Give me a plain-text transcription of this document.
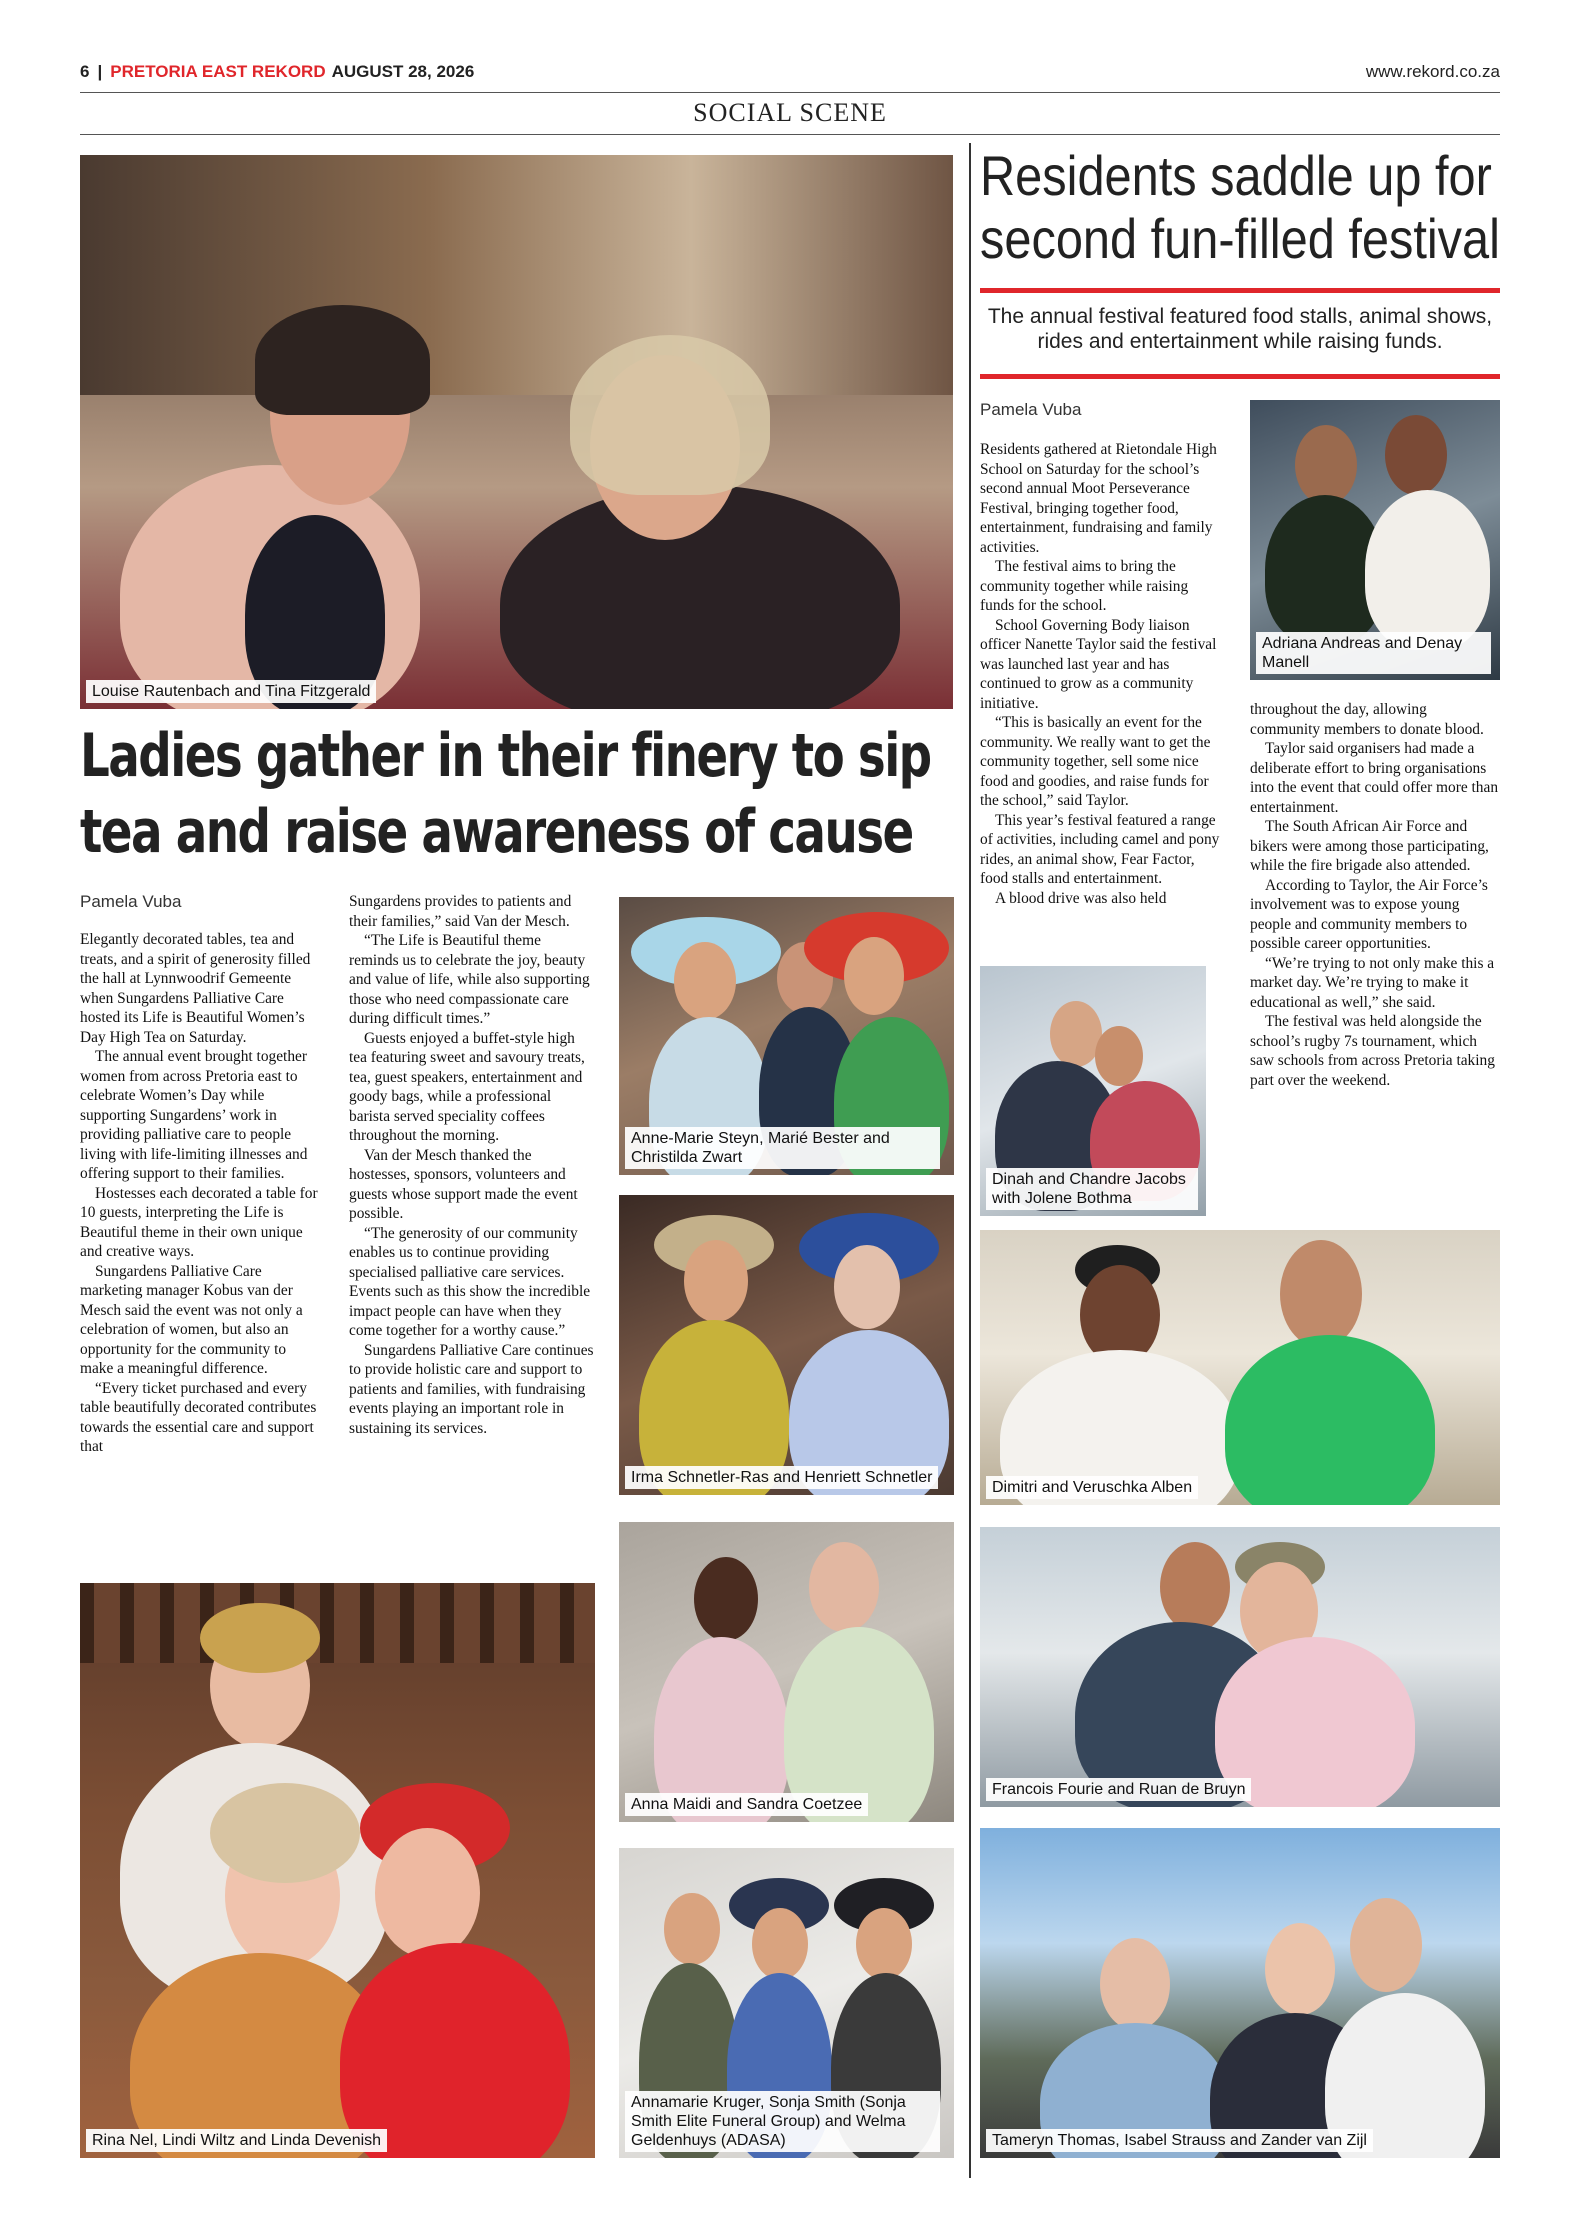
6 | PRETORIA EAST REKORD AUGUST 28, 2026	www.rekord.co.za
SOCIAL SCENE
Louise Rautenbach and Tina Fitzgerald
Ladies gather in their finery to sip
tea and raise awareness of cause
Pamela Vuba

Elegantly decorated tables, tea and treats, and a spirit of generosity filled the hall at Lynnwoodrif Gemeente when Sungardens Palliative Care hosted its Life is Beautiful Women’s Day High Tea on Saturday.

The annual event brought together women from across Pretoria east to celebrate Women’s Day while supporting Sungardens’ work in providing palliative care to people living with life-limiting illnesses and offering support to their families.

Hostesses each decorated a table for 10 guests, interpreting the Life is Beautiful theme in their own unique and creative ways.

Sungardens Palliative Care marketing manager Kobus van der Mesch said the event was not only a celebration of women, but also an opportunity for the community to make a meaningful difference.

“Every ticket purchased and every table beautifully decorated contributes towards the essential care and support that

Sungardens provides to patients and their families,” said Van der Mesch.

“The Life is Beautiful theme reminds us to celebrate the joy, beauty and value of life, while also supporting those who need compassionate care during difficult times.”

Guests enjoyed a buffet-style high tea featuring sweet and savoury treats, tea, guest speakers, entertainment and goody bags, while a professional barista served speciality coffees throughout the morning.

Van der Mesch thanked the hostesses, sponsors, volunteers and guests whose support made the event possible.

“The generosity of our community enables us to continue providing specialised palliative care services. Events such as this show the incredible impact people can have when they come together for a worthy cause.”

Sungardens Palliative Care continues to provide holistic care and support to patients and families, with fundraising events playing an important role in sustaining its services.

Anne-Marie Steyn, Marié Bester and Christilda Zwart
Irma Schnetler-Ras and Henriett Schnetler
Anna Maidi and Sandra Coetzee
Annamarie Kruger, Sonja Smith (Sonja Smith Elite Funeral Group) and Welma Geldenhuys (ADASA)
Rina Nel, Lindi Wiltz and Linda Devenish
Residents saddle up for
second fun-filled festival
The annual festival featured food stalls, animal shows, rides and entertainment while raising funds.
Pamela Vuba

Residents gathered at Rietondale High School on Saturday for the school’s second annual Moot Perseverance Festival, bringing together food, entertainment, fundraising and family activities.

The festival aims to bring the community together while raising funds for the school.

School Governing Body liaison officer Nanette Taylor said the festival was launched last year and has continued to grow as a community initiative.

“This is basically an event for the community. We really want to get the community together, sell some nice food and goodies, and raise funds for the school,” said Taylor.

This year’s festival featured a range of activities, including camel and pony rides, an animal show, Fear Factor, food stalls and entertainment.

A blood drive was also held

throughout the day, allowing community members to donate blood.

Taylor said organisers had made a deliberate effort to bring organisations into the event that could offer more than entertainment.

The South African Air Force and bikers were among those participating, while the fire brigade also attended.

According to Taylor, the Air Force’s involvement was to expose young people and community members to possible career opportunities.

“We’re trying to not only make this a market day. We’re trying to make it educational as well,” she said.

The festival was held alongside the school’s rugby 7s tournament, which saw schools from across Pretoria taking part over the weekend.

Adriana Andreas and Denay Manell
Dinah and Chandre Jacobs with Jolene Bothma
Dimitri and Veruschka Alben
Francois Fourie and Ruan de Bruyn
Tameryn Thomas, Isabel Strauss and Zander van Zijl
